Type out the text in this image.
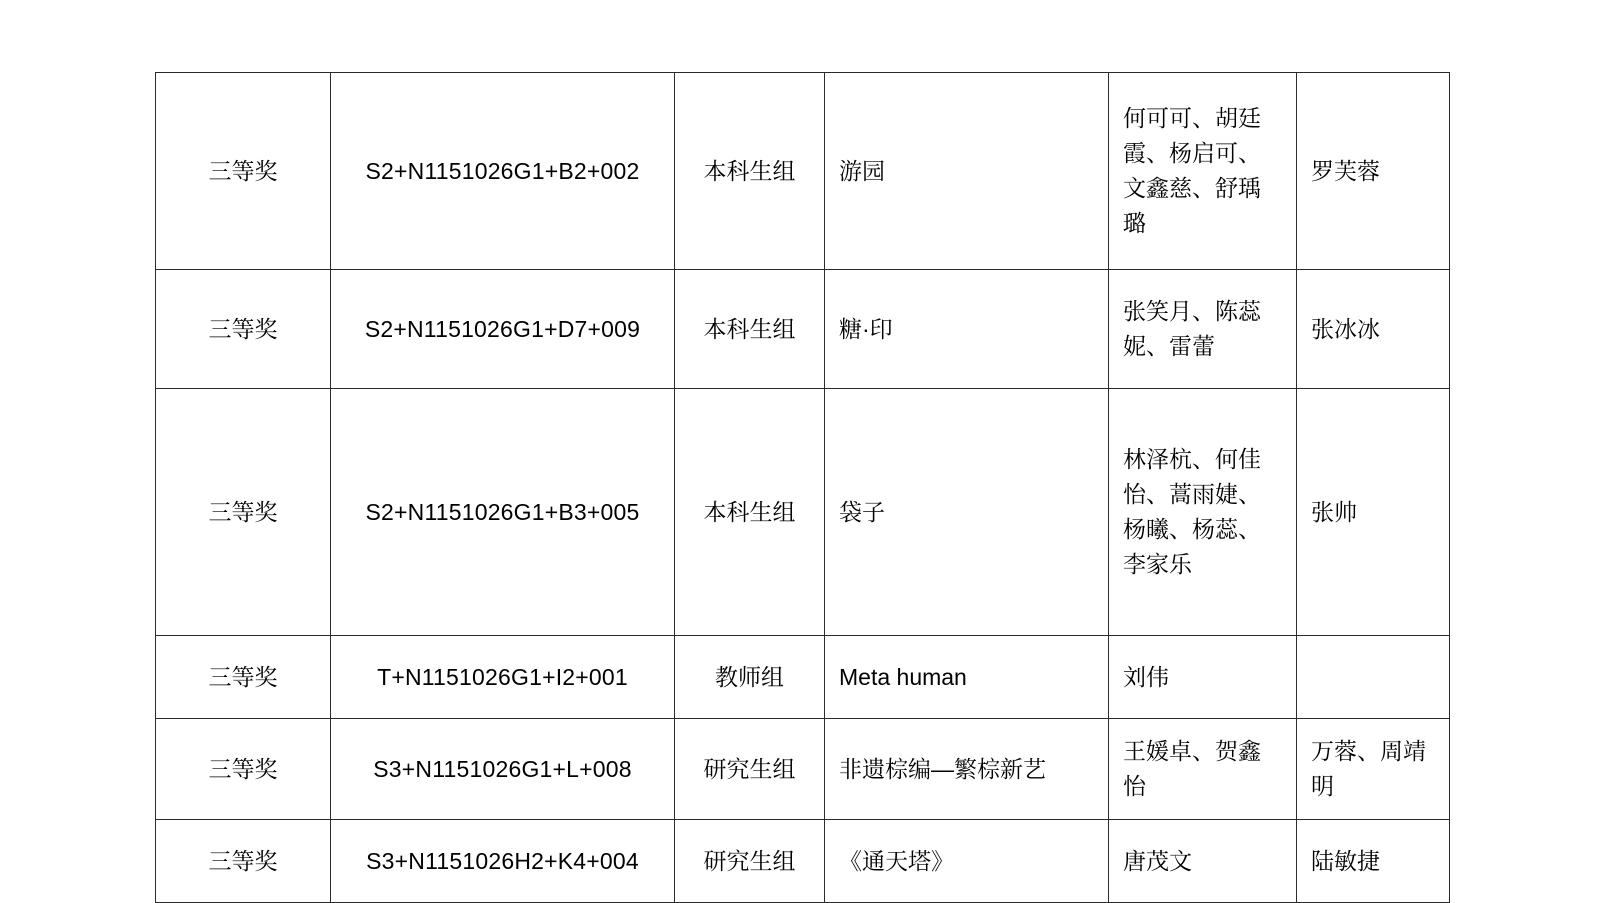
三等奖	S2+N1151026G1+B2+002	本科生组	游园	何可可、胡廷霞、杨启可、文鑫慈、舒瑀璐	罗芙蓉
三等奖	S2+N1151026G1+D7+009	本科生组	糖·印	张笑月、陈蕊妮、雷蕾	张冰冰
三等奖	S2+N1151026G1+B3+005	本科生组	袋子	林泽杭、何佳怡、蒿雨婕、杨曦、杨蕊、李家乐	张帅
三等奖	T+N1151026G1+I2+001	教师组	Meta human	刘伟	
三等奖	S3+N1151026G1+L+008	研究生组	非遗棕编—繁棕新艺	王媛卓、贺鑫怡	万蓉、周靖明
三等奖	S3+N1151026H2+K4+004	研究生组	《通天塔》	唐茂文	陆敏捷
